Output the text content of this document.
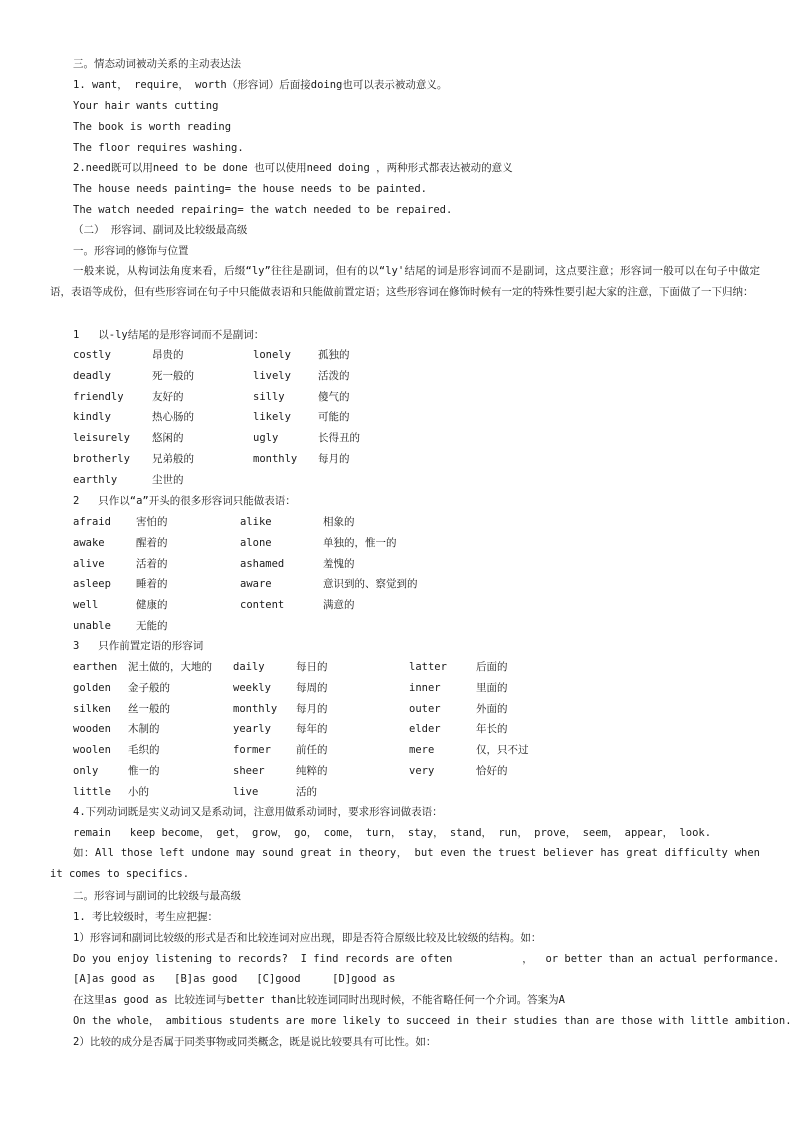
三。情态动词被动关系的主动表达法
1. want， require， worth（形容词）后面接doing也可以表示被动意义。
Your hair wants cutting
The book is worth reading
The floor requires washing.
2.need既可以用need to be done 也可以使用need doing ，两种形式都表达被动的意义
The house needs painting= the house needs to be painted.
The watch needed repairing= the watch needed to be repaired.
（二） 形容词、副词及比较级最高级
一。形容词的修饰与位置
一般来说，从构词法角度来看，后缀“ly”往往是副词，但有的以“ly'结尾的词是形容词而不是副词，这点要注意；形容词一般可以在句子中做定语，表语等成份，但有些形容词在句子中只能做表语和只能做前置定语；这些形容词在修饰时候有一定的特殊性要引起大家的注意，下面做了一下归纳：
1   以-ly结尾的是形容词而不是副词：
costly	昂贵的	lonely	孤独的
deadly	死一般的	lively	活泼的
friendly	友好的	silly	傻气的
kindly	热心肠的	likely	可能的
leisurely 悠闲的	ugly	长得丑的
brotherly 兄弟般的	monthly 每月的
earthly	尘世的
2   只作以“a”开头的很多形容词只能做表语：
afraid 害怕的	alike	相象的
awake	醒着的	alone	单独的，惟一的
alive	活着的	ashamed	羞愧的
asleep 睡着的	aware	意识到的、察觉到的
well	健康的	content	满意的
unable 无能的
3   只作前置定语的形容词
earthen 泥土做的，大地的 daily	每日的	latter	后面的
golden 金子般的	weekly 每周的	inner	里面的
silken 丝一般的	monthly 每月的	outer	外面的
wooden 木制的	yearly 每年的	elder	年长的
woolen 毛织的	former 前任的	mere	仅，只不过
only	惟一的	sheer	纯粹的	very	恰好的
little 小的	live	活的
4.下列动词既是实义动词又是系动词，注意用做系动词时，要求形容词做表语：
remain   keep become， get， grow， go， come， turn， stay， stand， run， prove， seem， appear， look.
如：All those left undone may sound great in theory， but even the truest believer has great difficulty when it comes to specifics.
二。形容词与副词的比较级与最高级
1. 考比较级时，考生应把握：
1）形容词和副词比较级的形式是否和比较连词对应出现，即是否符合原级比较及比较级的结构。如：
Do you enjoy listening to records?  I find records are often	，  or better than an actual performance.
[A]as good as   [B]as good   [C]good     [D]good as
在这里as good as 比较连词与better than比较连词同时出现时候，不能省略任何一个介词。答案为A
On the whole， ambitious students are more likely to succeed in their studies than are those with little ambition.
2）比较的成分是否属于同类事物或同类概念，既是说比较要具有可比性。如：
